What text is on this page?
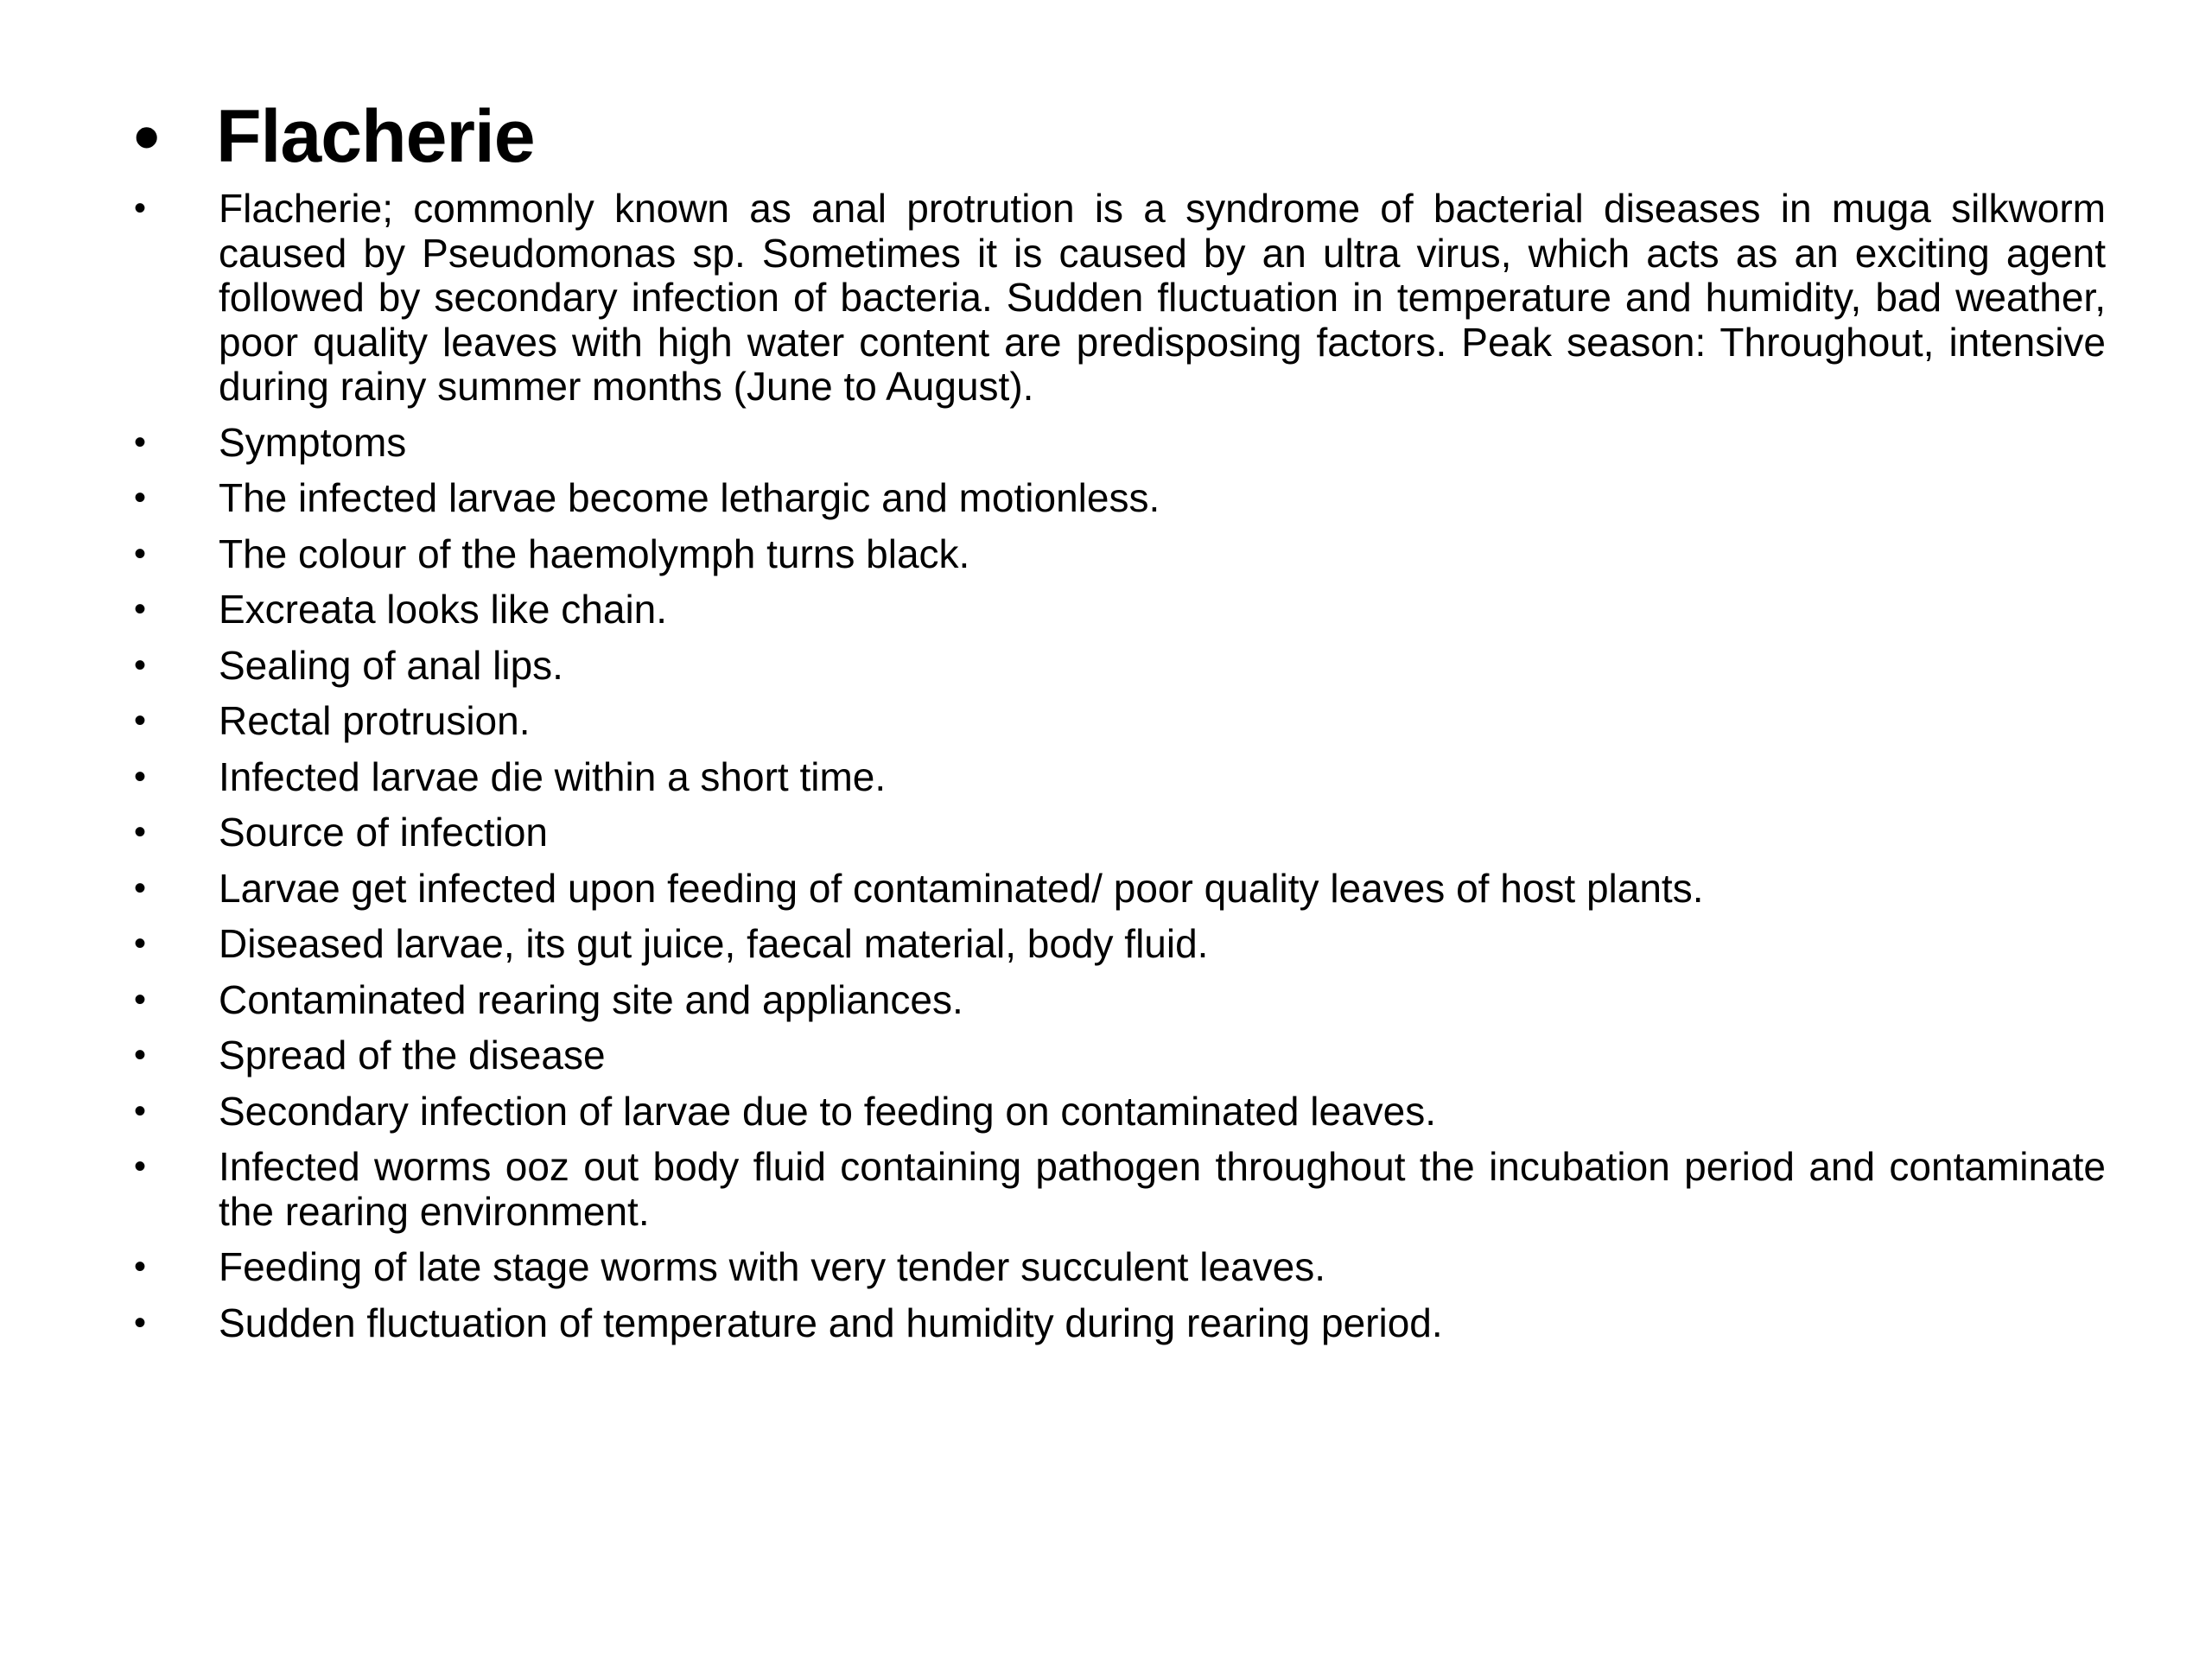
• Flacherie
•	Flacherie; commonly known as anal protrution is a syndrome of bacterial diseases in muga silkworm caused by Pseudomonas sp. Sometimes it is caused by an ultra virus, which acts as an exciting agent followed by secondary infection of bacteria. Sudden fluctuation in temperature and humidity, bad weather, poor quality leaves with high water content are predisposing factors. Peak season: Throughout, intensive during rainy summer months (June to August).
•	Symptoms
•	The infected larvae become lethargic and motionless.
•	The colour of the haemolymph turns black.
•	Excreata looks like chain.
•	Sealing of anal lips.
•	Rectal protrusion.
•	Infected larvae die within a short time.
•	Source of infection
•	Larvae get infected upon feeding of contaminated/ poor quality leaves of host plants.
•	Diseased larvae, its gut juice, faecal material, body fluid.
•	Contaminated rearing site and appliances.
•	Spread of the disease
•	Secondary infection of larvae due to feeding on contaminated leaves.
•	Infected worms ooz out body fluid containing pathogen throughout the incubation period and contaminate the rearing environment.
•	Feeding of late stage worms with very tender succulent leaves.
•	Sudden fluctuation of temperature and humidity during rearing period.
